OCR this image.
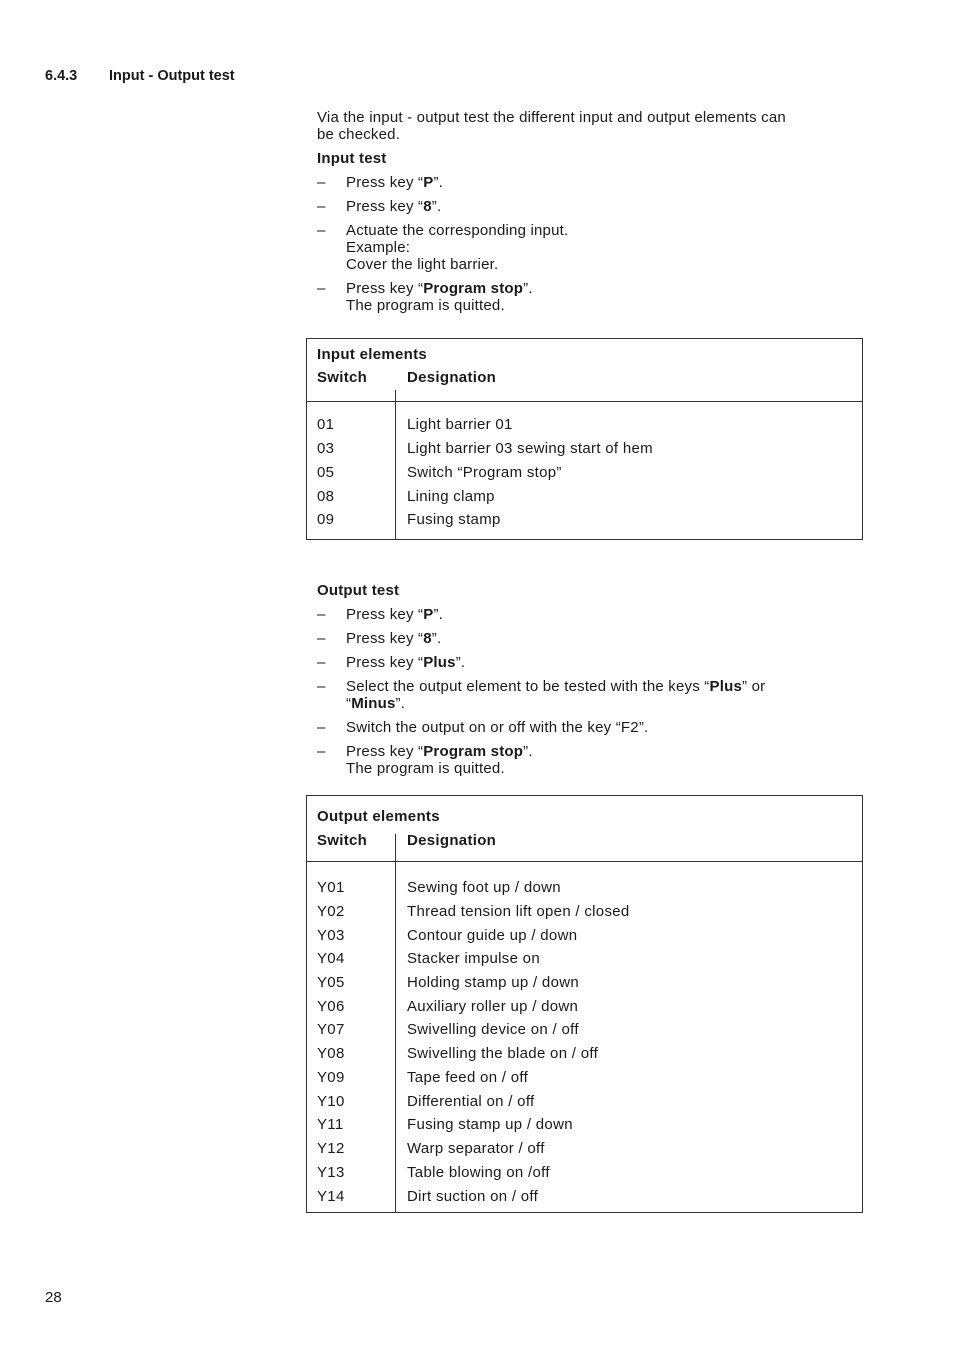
6.4.3 Input - Output test
Via the input - output test the different input and output elements can
be checked.
Input test
– Press key “P”.
– Press key “8”.
– Actuate the corresponding input.
Example:
Cover the light barrier.
– Press key “Program stop”.
The program is quitted.
Input elements
Switch	Designation
01	Light barrier 01
03	Light barrier 03 sewing start of hem
05	Switch “Program stop”
08	Lining clamp
09	Fusing stamp
Output test
– Press key “P”.
– Press key “8”.
– Press key “Plus”.
– Select the output element to be tested with the keys “Plus” or
“Minus”.
– Switch the output on or off with the key “F2”.
– Press key “Program stop”.
The program is quitted.
Output elements
Switch	Designation
Y01	Sewing foot up / down
Y02	Thread tension lift open / closed
Y03	Contour guide up / down
Y04	Stacker impulse on
Y05	Holding stamp up / down
Y06	Auxiliary roller up / down
Y07	Swivelling device on / off
Y08	Swivelling the blade on / off
Y09	Tape feed on / off
Y10	Differential on / off
Y11	Fusing stamp up / down
Y12	Warp separator / off
Y13	Table blowing on /off
Y14	Dirt suction on / off
28
